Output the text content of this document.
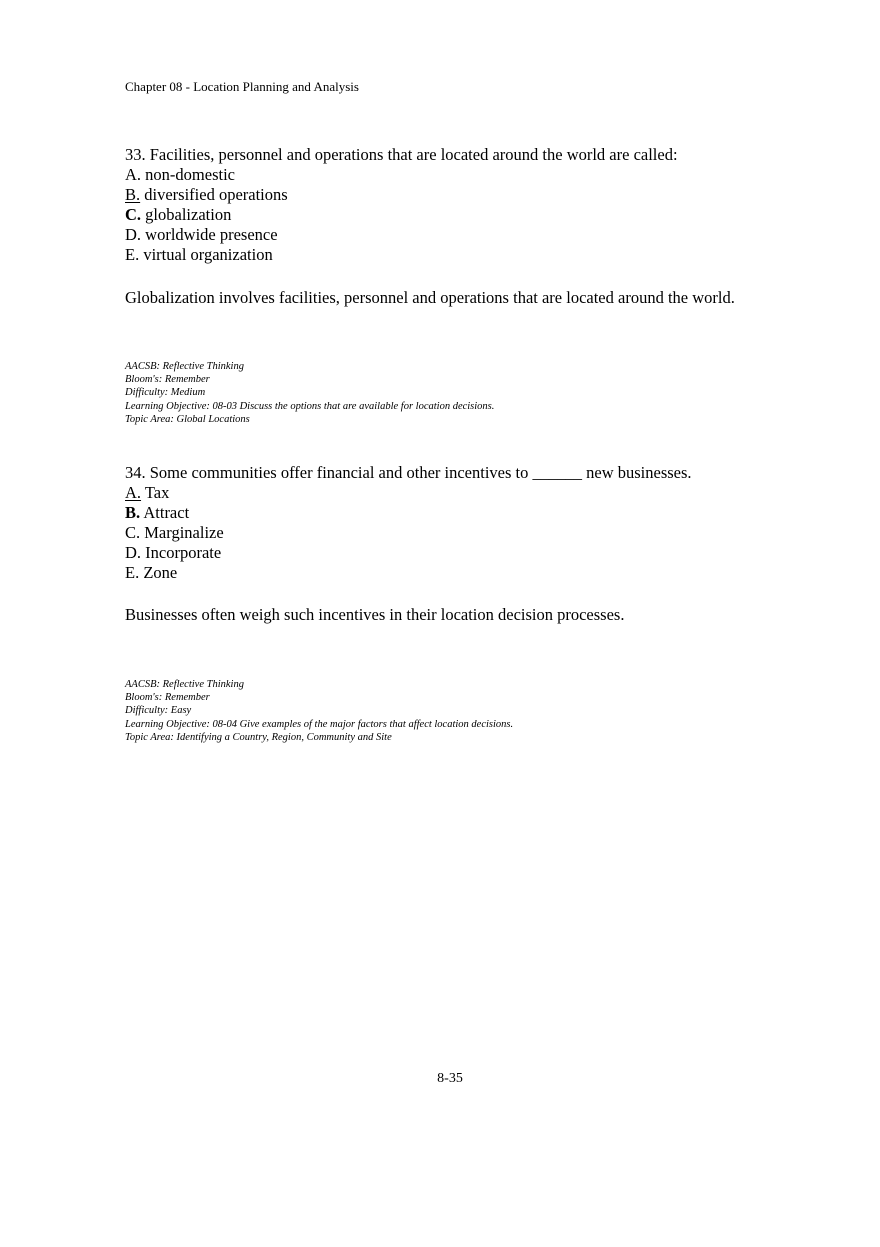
Chapter 08 - Location Planning and Analysis
33. Facilities, personnel and operations that are located around the world are called:
A. non-domestic
B. diversified operations
C. globalization
D. worldwide presence
E. virtual organization
Globalization involves facilities, personnel and operations that are located around the world.
AACSB: Reflective Thinking
Bloom's: Remember
Difficulty: Medium
Learning Objective: 08-03 Discuss the options that are available for location decisions.
Topic Area: Global Locations
34. Some communities offer financial and other incentives to ______ new businesses.
A. Tax
B. Attract
C. Marginalize
D. Incorporate
E. Zone
Businesses often weigh such incentives in their location decision processes.
AACSB: Reflective Thinking
Bloom's: Remember
Difficulty: Easy
Learning Objective: 08-04 Give examples of the major factors that affect location decisions.
Topic Area: Identifying a Country, Region, Community and Site
8-35
